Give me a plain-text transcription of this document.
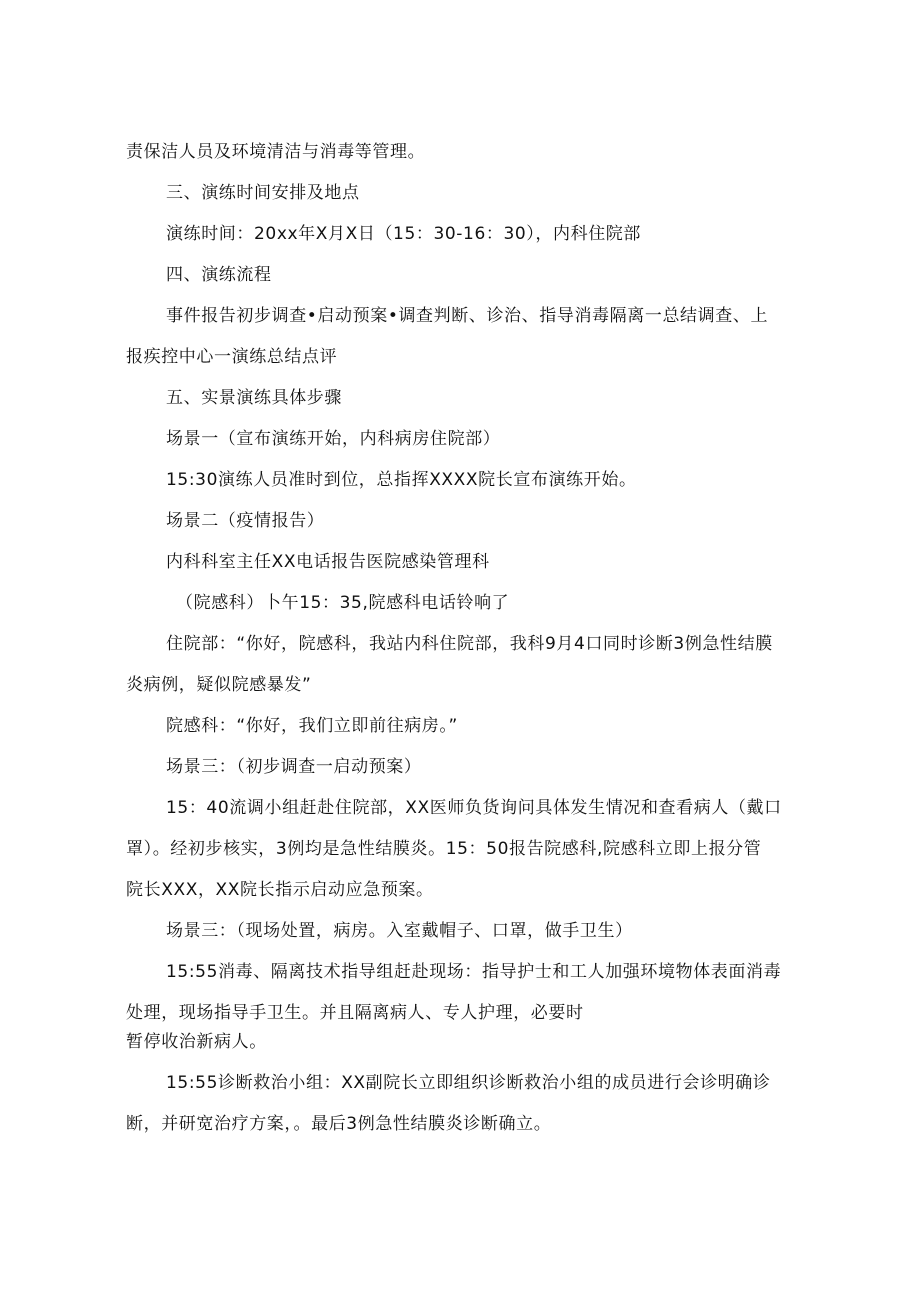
责保洁人员及环境清洁与消毒等管理。
三、演练时间安排及地点
演练时间：20xx年X月X日（15：30-16：30），内科住院部
四、演练流程
事件报告初步调查•启动预案•调查判断、诊治、指导消毒隔离一总结调查、上
报疾控中心一演练总结点评
五、实景演练具体步骤
场景一（宣布演练开始，内科病房住院部）
15:30演练人员准时到位，总指挥XXXX院长宣布演练开始。
场景二（疫情报告）
内科科室主任XX电话报告医院感染管理科
（院感科）卜午15：35,院感科电话铃响了
住院部：“你好，院感科，我站内科住院部，我科9月4口同时诊断3例急性结膜
炎病例，疑似院感暴发”
院感科：“你好，我们立即前往病房。”
场景三：（初步调查一启动预案）
15：40流调小组赶赴住院部，XX医师负货询问具体发生情况和查看病人（戴口
罩）。经初步核实，3例均是急性结膜炎。15：50报告院感科,院感科立即上报分管
院长XXX，XX院长指示启动应急预案。
场景三：（现场处置，病房。入室戴帽子、口罩，做手卫生）
15:55消毒、隔离技术指导组赶赴现场：指导护士和工人加强环境物体表面消毒
处理，现场指导手卫生。并且隔离病人、专人护理，必要时
暂停收治新病人。
15:55诊断救治小组：XX副院长立即组织诊断救治小组的成员进行会诊明确诊
断，并研宽治疗方案，。最后3例急性结膜炎诊断确立。
